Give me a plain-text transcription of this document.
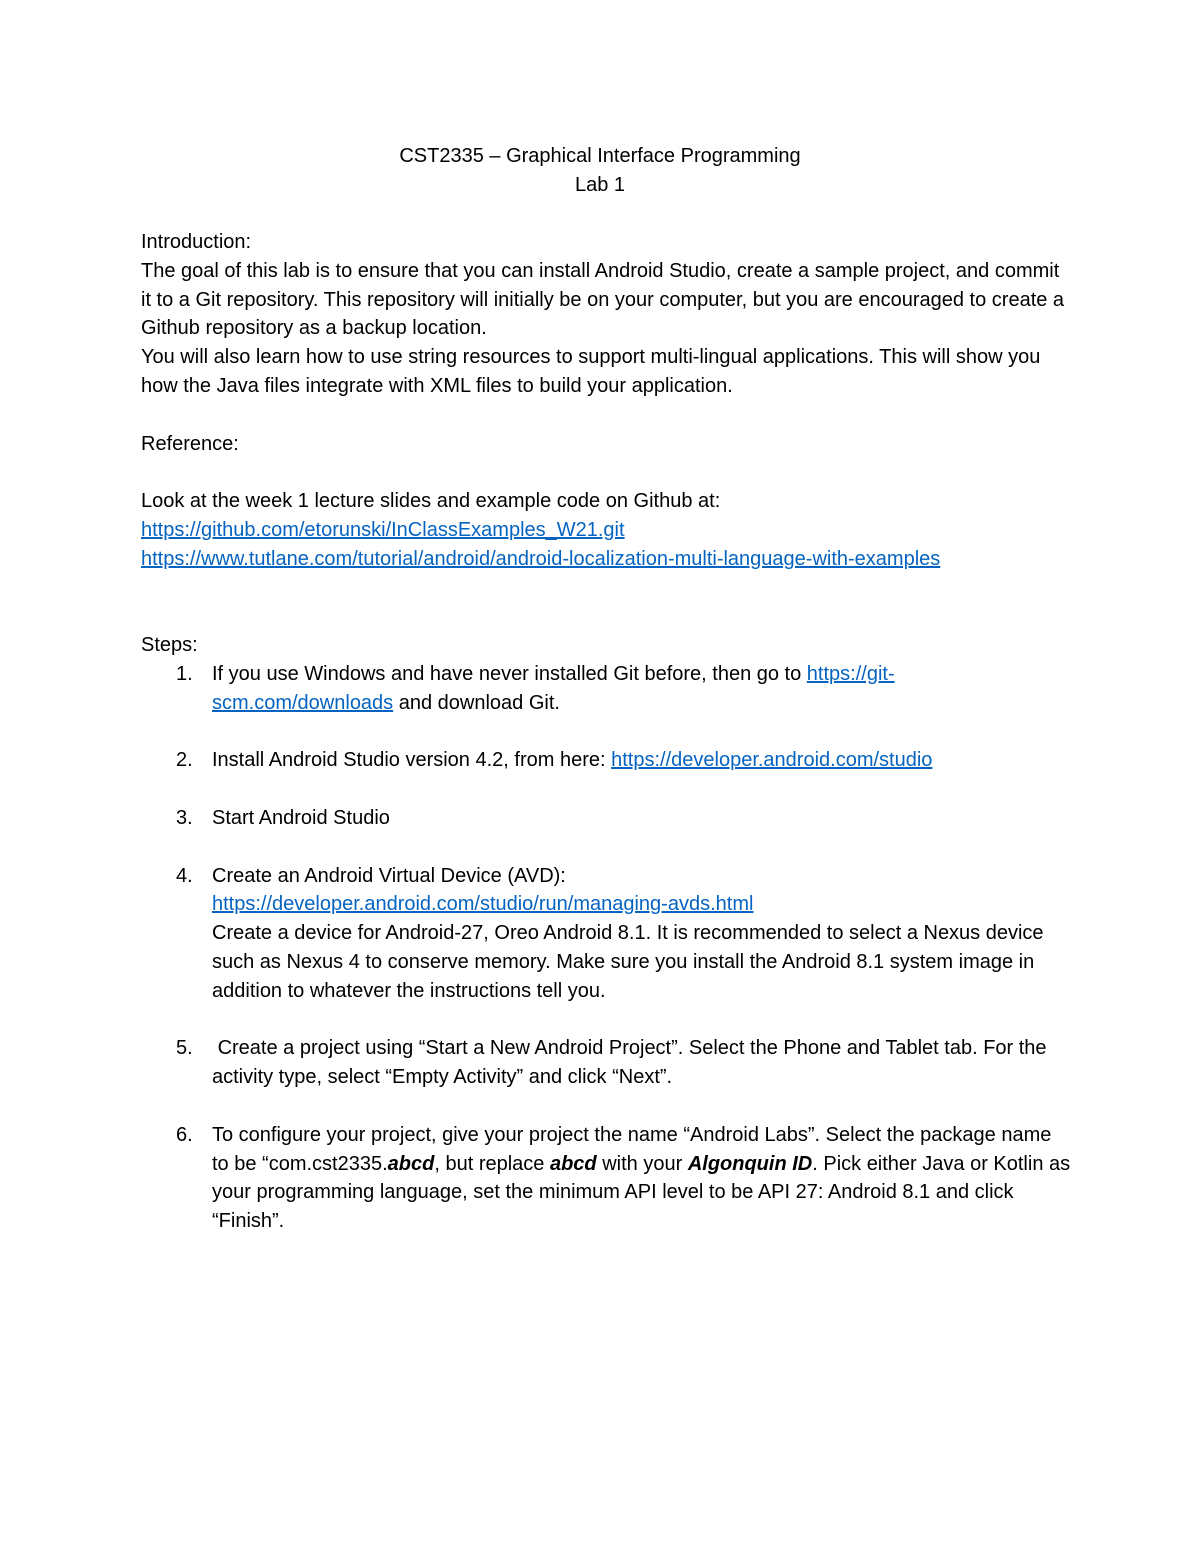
CST2335 – Graphical Interface Programming
Lab 1

Introduction:

The goal of this lab is to ensure that you can install Android Studio, create a sample project, and commit it to a Git repository. This repository will initially be on your computer, but you are encouraged to create a Github repository as a backup location.

You will also learn how to use string resources to support multi-lingual applications. This will show you how the Java files integrate with XML files to build your application.

Reference:

Look at the week 1 lecture slides and example code on Github at:

https://github.com/etorunski/InClassExamples_W21.git

https://www.tutlane.com/tutorial/android/android-localization-multi-language-with-examples

Steps:

1. If you use Windows and have never installed Git before, then go to https://git-scm.com/downloads and download Git.
2. Install Android Studio version 4.2, from here: https://developer.android.com/studio
3. Start Android Studio
4. Create an Android Virtual Device (AVD):
https://developer.android.com/studio/run/managing-avds.html
Create a device for Android-27, Oreo Android 8.1. It is recommended to select a Nexus device such as Nexus 4 to conserve memory. Make sure you install the Android 8.1 system image in addition to whatever the instructions tell you.
5. Create a project using “Start a New Android Project”. Select the Phone and Tablet tab. For the activity type, select “Empty Activity” and click “Next”.
6. To configure your project, give your project the name “Android Labs”. Select the package name to be “com.cst2335.abcd, but replace abcd with your Algonquin ID. Pick either Java or Kotlin as your programming language, set the minimum API level to be API 27: Android 8.1 and click “Finish”.
